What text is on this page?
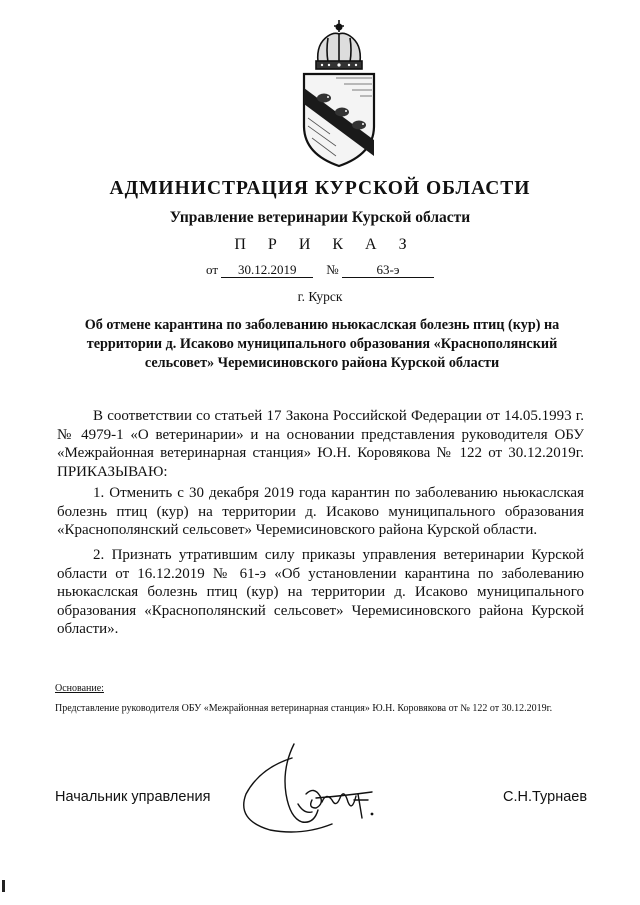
АДМИНИСТРАЦИЯ КУРСКОЙ ОБЛАСТИ
Управление ветеринарии Курской области
П Р И К А З
от 30.12.2019 №	63-э
г. Курск
Об отмене карантина по заболеванию ньюкаслская болезнь птиц (кур) на территории д. Исаково муниципального образования «Краснополянский сельсовет» Черемисиновского района Курской области
В соответствии со статьей 17 Закона Российской Федерации от 14.05.1993 г. № 4979-1 «О ветеринарии» и на основании представления руководителя ОБУ «Межрайонная ветеринарная станция» Ю.Н. Коровякова № 122 от 30.12.2019г. ПРИКАЗЫВАЮ:
1. Отменить с 30 декабря 2019 года карантин по заболеванию ньюкаслская болезнь птиц (кур) на территории д. Исаково муниципального образования «Краснополянский сельсовет» Черемисиновского района Курской области.
2. Признать утратившим силу приказы управления ветеринарии Курской области от 16.12.2019 № 61-э «Об установлении карантина по заболеванию ньюкаслская болезнь птиц (кур) на территории д. Исаково муниципального образования «Краснополянский сельсовет» Черемисиновского района Курской области».
Основание:
Представление руководителя ОБУ «Межрайонная ветеринарная станция» Ю.Н. Коровякова от № 122 от 30.12.2019г.
Начальник управления	С.Н.Турнаев
